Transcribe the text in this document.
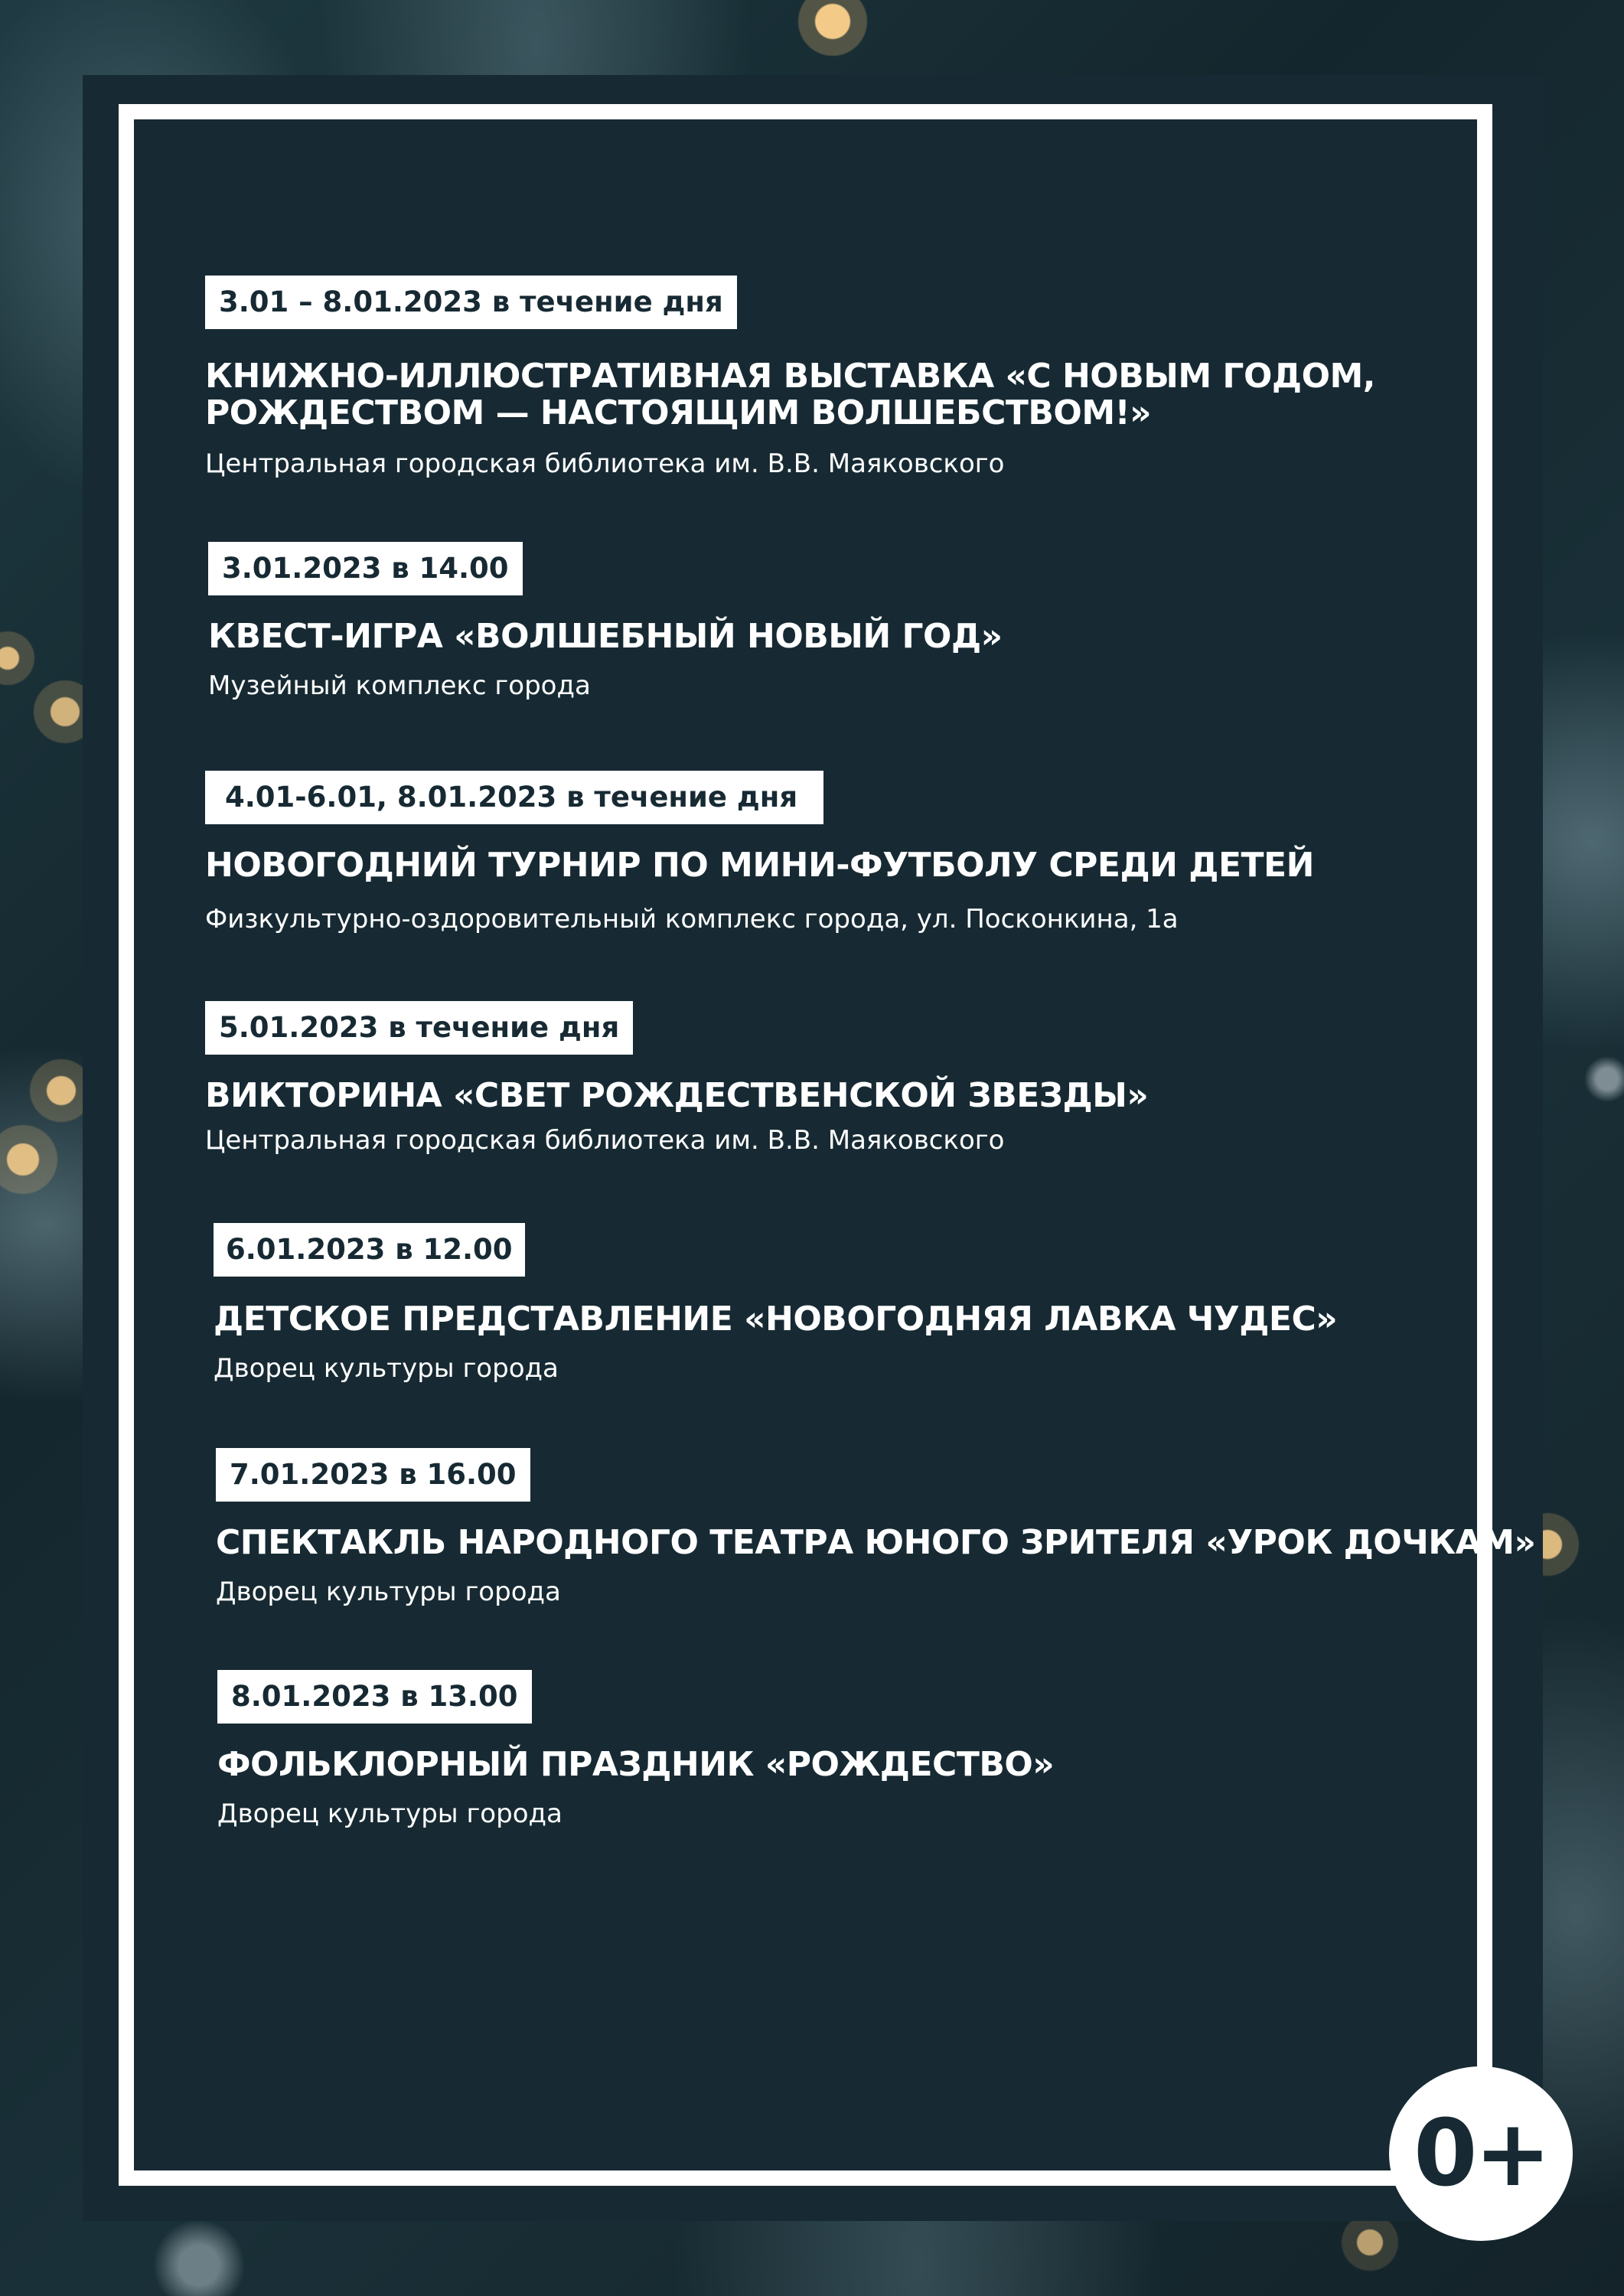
3.01 – 8.01.2023 в течение дня
КНИЖНО-ИЛЛЮСТРАТИВНАЯ ВЫСТАВКА «С НОВЫМ ГОДОМ,
РОЖДЕСТВОМ — НАСТОЯЩИМ ВОЛШЕБСТВОМ!»
Центральная городская библиотека им. В.В. Маяковского
3.01.2023 в 14.00
КВЕСТ-ИГРА «ВОЛШЕБНЫЙ НОВЫЙ ГОД»
Музейный комплекс города
4.01-6.01, 8.01.2023 в течение дня
НОВОГОДНИЙ ТУРНИР ПО МИНИ-ФУТБОЛУ СРЕДИ ДЕТЕЙ
Физкультурно-оздоровительный комплекс города, ул. Посконкина, 1а
5.01.2023 в течение дня
ВИКТОРИНА «СВЕТ РОЖДЕСТВЕНСКОЙ ЗВЕЗДЫ»
Центральная городская библиотека им. В.В. Маяковского
6.01.2023 в 12.00
ДЕТСКОЕ ПРЕДСТАВЛЕНИЕ «НОВОГОДНЯЯ ЛАВКА ЧУДЕС»
Дворец культуры города
7.01.2023 в 16.00
СПЕКТАКЛЬ НАРОДНОГО ТЕАТРА ЮНОГО ЗРИТЕЛЯ «УРОК ДОЧКАМ»
Дворец культуры города
8.01.2023 в 13.00
ФОЛЬКЛОРНЫЙ ПРАЗДНИК «РОЖДЕСТВО»
Дворец культуры города
0+
